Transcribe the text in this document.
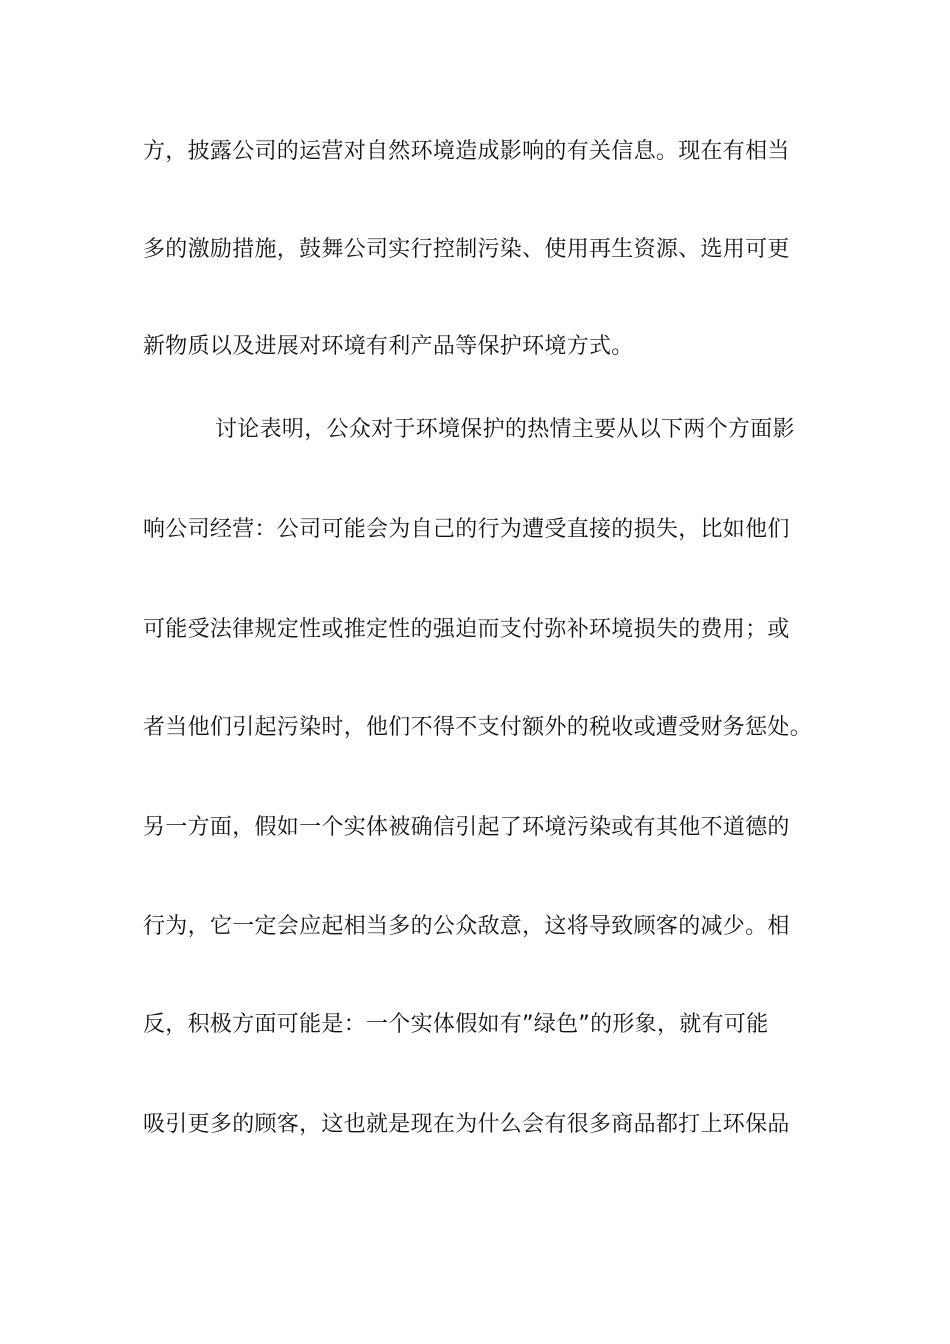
方，披露公司的运营对自然环境造成影响的有关信息。现在有相当
多的激励措施，鼓舞公司实行控制污染、使用再生资源、选用可更
新物质以及进展对环境有利产品等保护环境方式。
讨论表明，公众对于环境保护的热情主要从以下两个方面影
响公司经营：公司可能会为自己的行为遭受直接的损失，比如他们
可能受法律规定性或推定性的强迫而支付弥补环境损失的费用；或
者当他们引起污染时，他们不得不支付额外的税收或遭受财务惩处。
另一方面，假如一个实体被确信引起了环境污染或有其他不道德的
行为，它一定会应起相当多的公众敌意，这将导致顾客的减少。相
反，积极方面可能是：一个实体假如有”绿色”的形象，就有可能
吸引更多的顾客，这也就是现在为什么会有很多商品都打上环保品
